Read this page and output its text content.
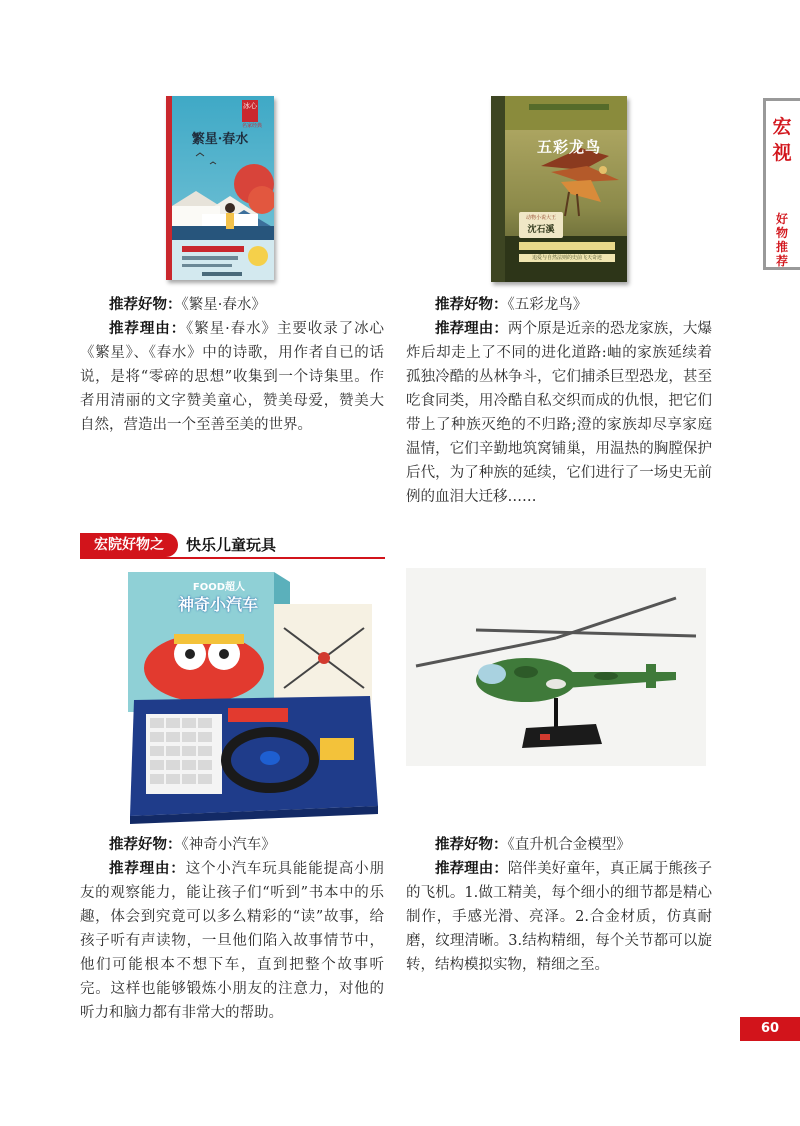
宏
视
好
物
推
荐
繁星·春水
冰心
名家经典
五彩龙鸟
动物小说大王
沈石溪
追爱与自然法则的史前飞天奇迹

推荐好物：《繁星·春水》

推荐理由：《繁星·春水》主要收录了冰心《繁星》、《春水》中的诗歌，用作者自已的话说，是将“零碎的思想”收集到一个诗集里。作者用清丽的文字赞美童心，赞美母爱，赞美大自然，营造出一个至善至美的世界。

推荐好物：《五彩龙鸟》

推荐理由：两个原是近亲的恐龙家族，大爆炸后却走上了不同的进化道路:岫的家族延续着孤独冷酷的丛林争斗，它们捕杀巨型恐龙，甚至吃食同类，用冷酷自私交织而成的仇恨，把它们带上了种族灭绝的不归路;澄的家族却尽享家庭温情，它们辛勤地筑窝铺巢，用温热的胸膛保护后代，为了种族的延续，它们进行了一场史无前例的血泪大迁移……

宏院好物之	快乐儿童玩具
FOOD超人
神奇小汽车

推荐好物：《神奇小汽车》

推荐理由：这个小汽车玩具能能提高小朋友的观察能力，能让孩子们“听到”书本中的乐趣，体会到究竟可以多么精彩的“读”故事，给孩子听有声读物，一旦他们陷入故事情节中，他们可能根本不想下车，直到把整个故事听完。这样也能够锻炼小朋友的注意力，对他的听力和脑力都有非常大的帮助。

推荐好物：《直升机合金模型》

推荐理由：陪伴美好童年，真正属于熊孩子的飞机。1.做工精美，每个细小的细节都是精心制作，手感光滑、亮泽。2.合金材质，仿真耐磨，纹理清晰。3.结构精细，每个关节都可以旋转，结构模拟实物，精细之至。

60
